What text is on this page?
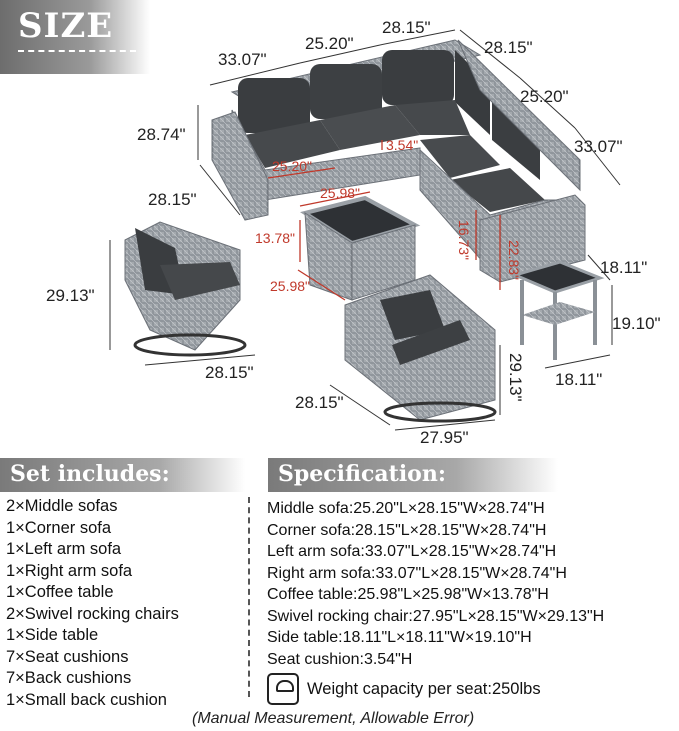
SIZE
33.07"
25.20"
28.15"
28.15"
25.20"
33.07"
28.74"
28.15"
18.11"
29.13"
19.10"
18.11"
28.15"
28.15"
29.13"
27.95"
25.20"
3.54"
25.98"
13.78"
25.98"
16.73" 22.83"
Set includes:
2×Middle sofas
1×Corner sofa
1×Left arm sofa
1×Right arm sofa
1×Coffee table
2×Swivel rocking chairs
1×Side table
7×Seat cushions
7×Back cushions
1×Small back cushion
Specification:
Middle sofa:25.20"L×28.15"W×28.74"H
Corner sofa:28.15"L×28.15"W×28.74"H
Left arm sofa:33.07"L×28.15"W×28.74"H
Right arm sofa:33.07"L×28.15"W×28.74"H
Coffee table:25.98"L×25.98"W×13.78"H
Swivel rocking chair:27.95"L×28.15"W×29.13"H
Side table:18.11"L×18.11"W×19.10"H
Seat cushion:3.54"H
Weight capacity per seat:250lbs
(Manual Measurement, Allowable Error)
